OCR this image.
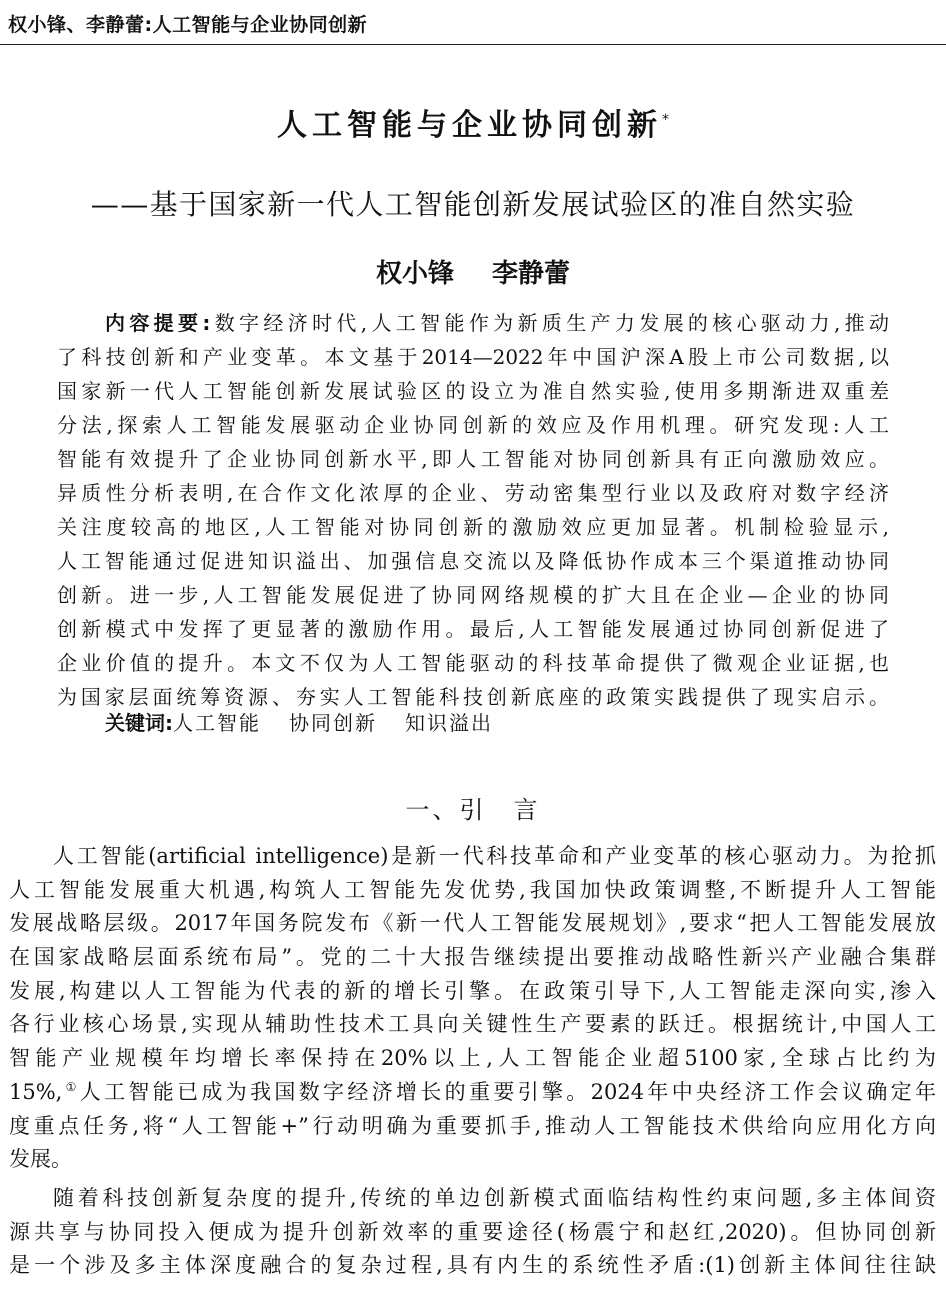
权小锋、李静蕾:人工智能与企业协同创新
人工智能与企业协同创新*
——基于国家新一代人工智能创新发展试验区的准自然实验
权小锋 李静蕾
内容提要:数字经济时代,人工智能作为新质生产力发展的核心驱动力,推动
了科技创新和产业变革。本文基于2014—2022年中国沪深A股上市公司数据,以
国家新一代人工智能创新发展试验区的设立为准自然实验,使用多期渐进双重差
分法,探索人工智能发展驱动企业协同创新的效应及作用机理。研究发现:人工
智能有效提升了企业协同创新水平,即人工智能对协同创新具有正向激励效应。
异质性分析表明,在合作文化浓厚的企业、劳动密集型行业以及政府对数字经济
关注度较高的地区,人工智能对协同创新的激励效应更加显著。机制检验显示,
人工智能通过促进知识溢出、加强信息交流以及降低协作成本三个渠道推动协同
创新。进一步,人工智能发展促进了协同网络规模的扩大且在企业—企业的协同
创新模式中发挥了更显著的激励作用。最后,人工智能发展通过协同创新促进了
企业价值的提升。本文不仅为人工智能驱动的科技革命提供了微观企业证据,也
为国家层面统筹资源、夯实人工智能科技创新底座的政策实践提供了现实启示。
关键词:人工智能 协同创新 知识溢出
一、引　言
人工智能(artificial intelligence)是新一代科技革命和产业变革的核心驱动力。为抢抓
人工智能发展重大机遇,构筑人工智能先发优势,我国加快政策调整,不断提升人工智能
发展战略层级。2017年国务院发布《新一代人工智能发展规划》,要求“把人工智能发展放
在国家战略层面系统布局”。党的二十大报告继续提出要推动战略性新兴产业融合集群
发展,构建以人工智能为代表的新的增长引擎。在政策引导下,人工智能走深向实,渗入
各行业核心场景,实现从辅助性技术工具向关键性生产要素的跃迁。根据统计,中国人工
智能产业规模年均增长率保持在20%以上,人工智能企业超5100家,全球占比约为
15%,①人工智能已成为我国数字经济增长的重要引擎。2024年中央经济工作会议确定年
度重点任务,将“人工智能+”行动明确为重要抓手,推动人工智能技术供给向应用化方向
发展。
随着科技创新复杂度的提升,传统的单边创新模式面临结构性约束问题,多主体间资
源共享与协同投入便成为提升创新效率的重要途径(杨震宁和赵红,2020)。但协同创新
是一个涉及多主体深度融合的复杂过程,具有内生的系统性矛盾:(1)创新主体间往往缺
